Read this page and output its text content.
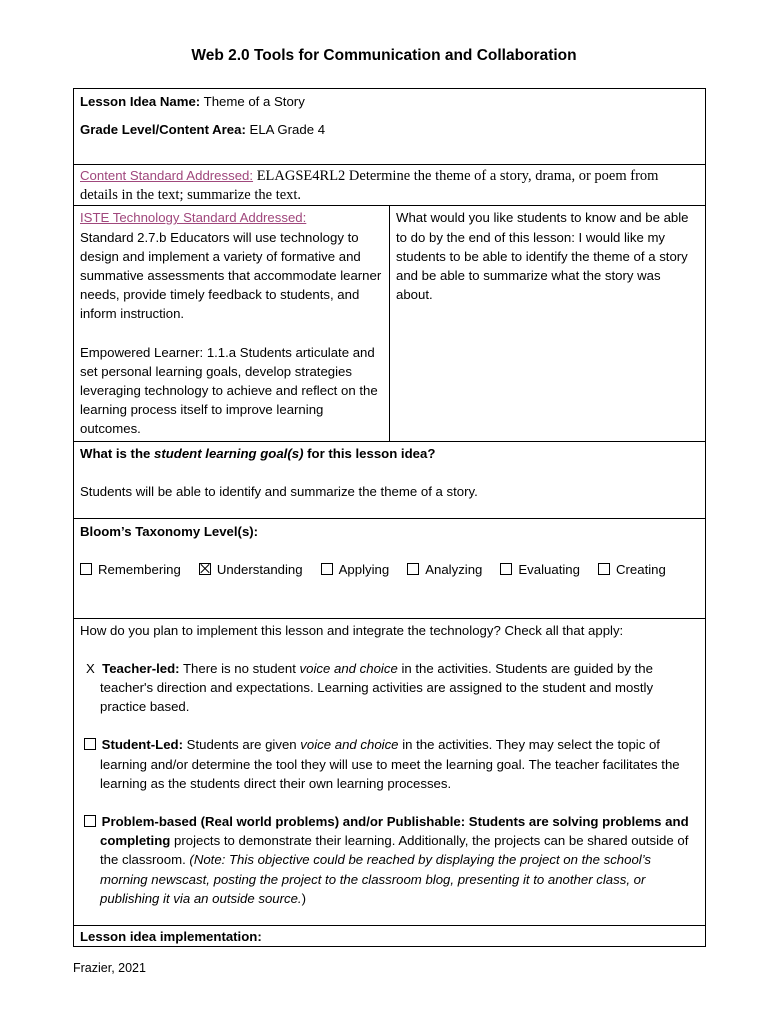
Web 2.0 Tools for Communication and Collaboration

Lesson Idea Name: Theme of a Story

Grade Level/Content Area: ELA Grade 4

Content Standard Addressed: ELAGSE4RL2 Determine the theme of a story, drama, or poem from details in the text; summarize the text.

ISTE Technology Standard Addressed:

Standard 2.7.b Educators will use technology to design and implement a variety of formative and summative assessments that accommodate learner needs, provide timely feedback to students, and inform instruction.

Empowered Learner: 1.1.a Students articulate and set personal learning goals, develop strategies leveraging technology to achieve and reflect on the learning process itself to improve learning outcomes.

What would you like students to know and be able to do by the end of this lesson: I would like my students to be able to identify the theme of a story and be able to summarize what the story was about.

What is the student learning goal(s) for this lesson idea?

Students will be able to identify and summarize the theme of a story.

Bloom’s Taxonomy Level(s):

Remembering	Understanding	Applying	Analyzing	Evaluating	Creating

How do you plan to implement this lesson and integrate the technology? Check all that apply:

X Teacher-led: There is no student voice and choice in the activities. Students are guided by the teacher's direction and expectations. Learning activities are assigned to the student and mostly practice based.

Student-Led: Students are given voice and choice in the activities. They may select the topic of learning and/or determine the tool they will use to meet the learning goal. The teacher facilitates the learning as the students direct their own learning processes.

Problem-based (Real world problems) and/or Publishable: Students are solving problems and completing projects to demonstrate their learning. Additionally, the projects can be shared outside of the classroom. (Note: This objective could be reached by displaying the project on the school’s morning newscast, posting the project to the classroom blog, presenting it to another class, or publishing it via an outside source.)

Lesson idea implementation:
Frazier, 2021
